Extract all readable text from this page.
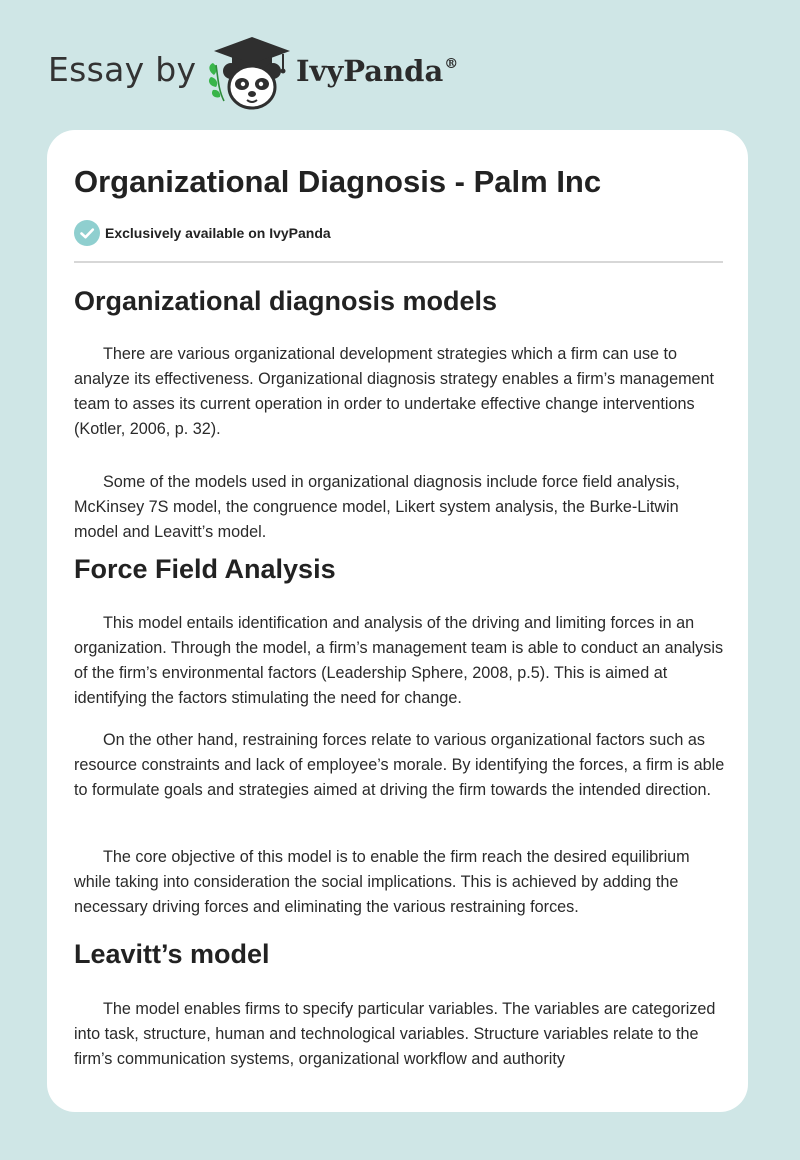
Essay by	IvyPanda®
Organizational Diagnosis - Palm Inc
Exclusively available on IvyPanda
Organizational diagnosis models

There are various organizational development strategies which a firm can use to analyze its effectiveness. Organizational diagnosis strategy enables a firm’s management team to asses its current operation in order to undertake effective change interventions (Kotler, 2006, p. 32).

Some of the models used in organizational diagnosis include force field analysis, McKinsey 7S model, the congruence model, Likert system analysis, the Burke-Litwin model and Leavitt’s model.

Force Field Analysis

This model entails identification and analysis of the driving and limiting forces in an organization. Through the model, a firm’s management team is able to conduct an analysis of the firm’s environmental factors (Leadership Sphere, 2008, p.5). This is aimed at identifying the factors stimulating the need for change.

On the other hand, restraining forces relate to various organizational factors such as resource constraints and lack of employee’s morale. By identifying the forces, a firm is able to formulate goals and strategies aimed at driving the firm towards the intended direction.

The core objective of this model is to enable the firm reach the desired equilibrium while taking into consideration the social implications. This is achieved by adding the necessary driving forces and eliminating the various restraining forces.

Leavitt’s model

The model enables firms to specify particular variables. The variables are categorized into task, structure, human and technological variables. Structure variables relate to the firm’s communication systems, organizational workflow and authority
